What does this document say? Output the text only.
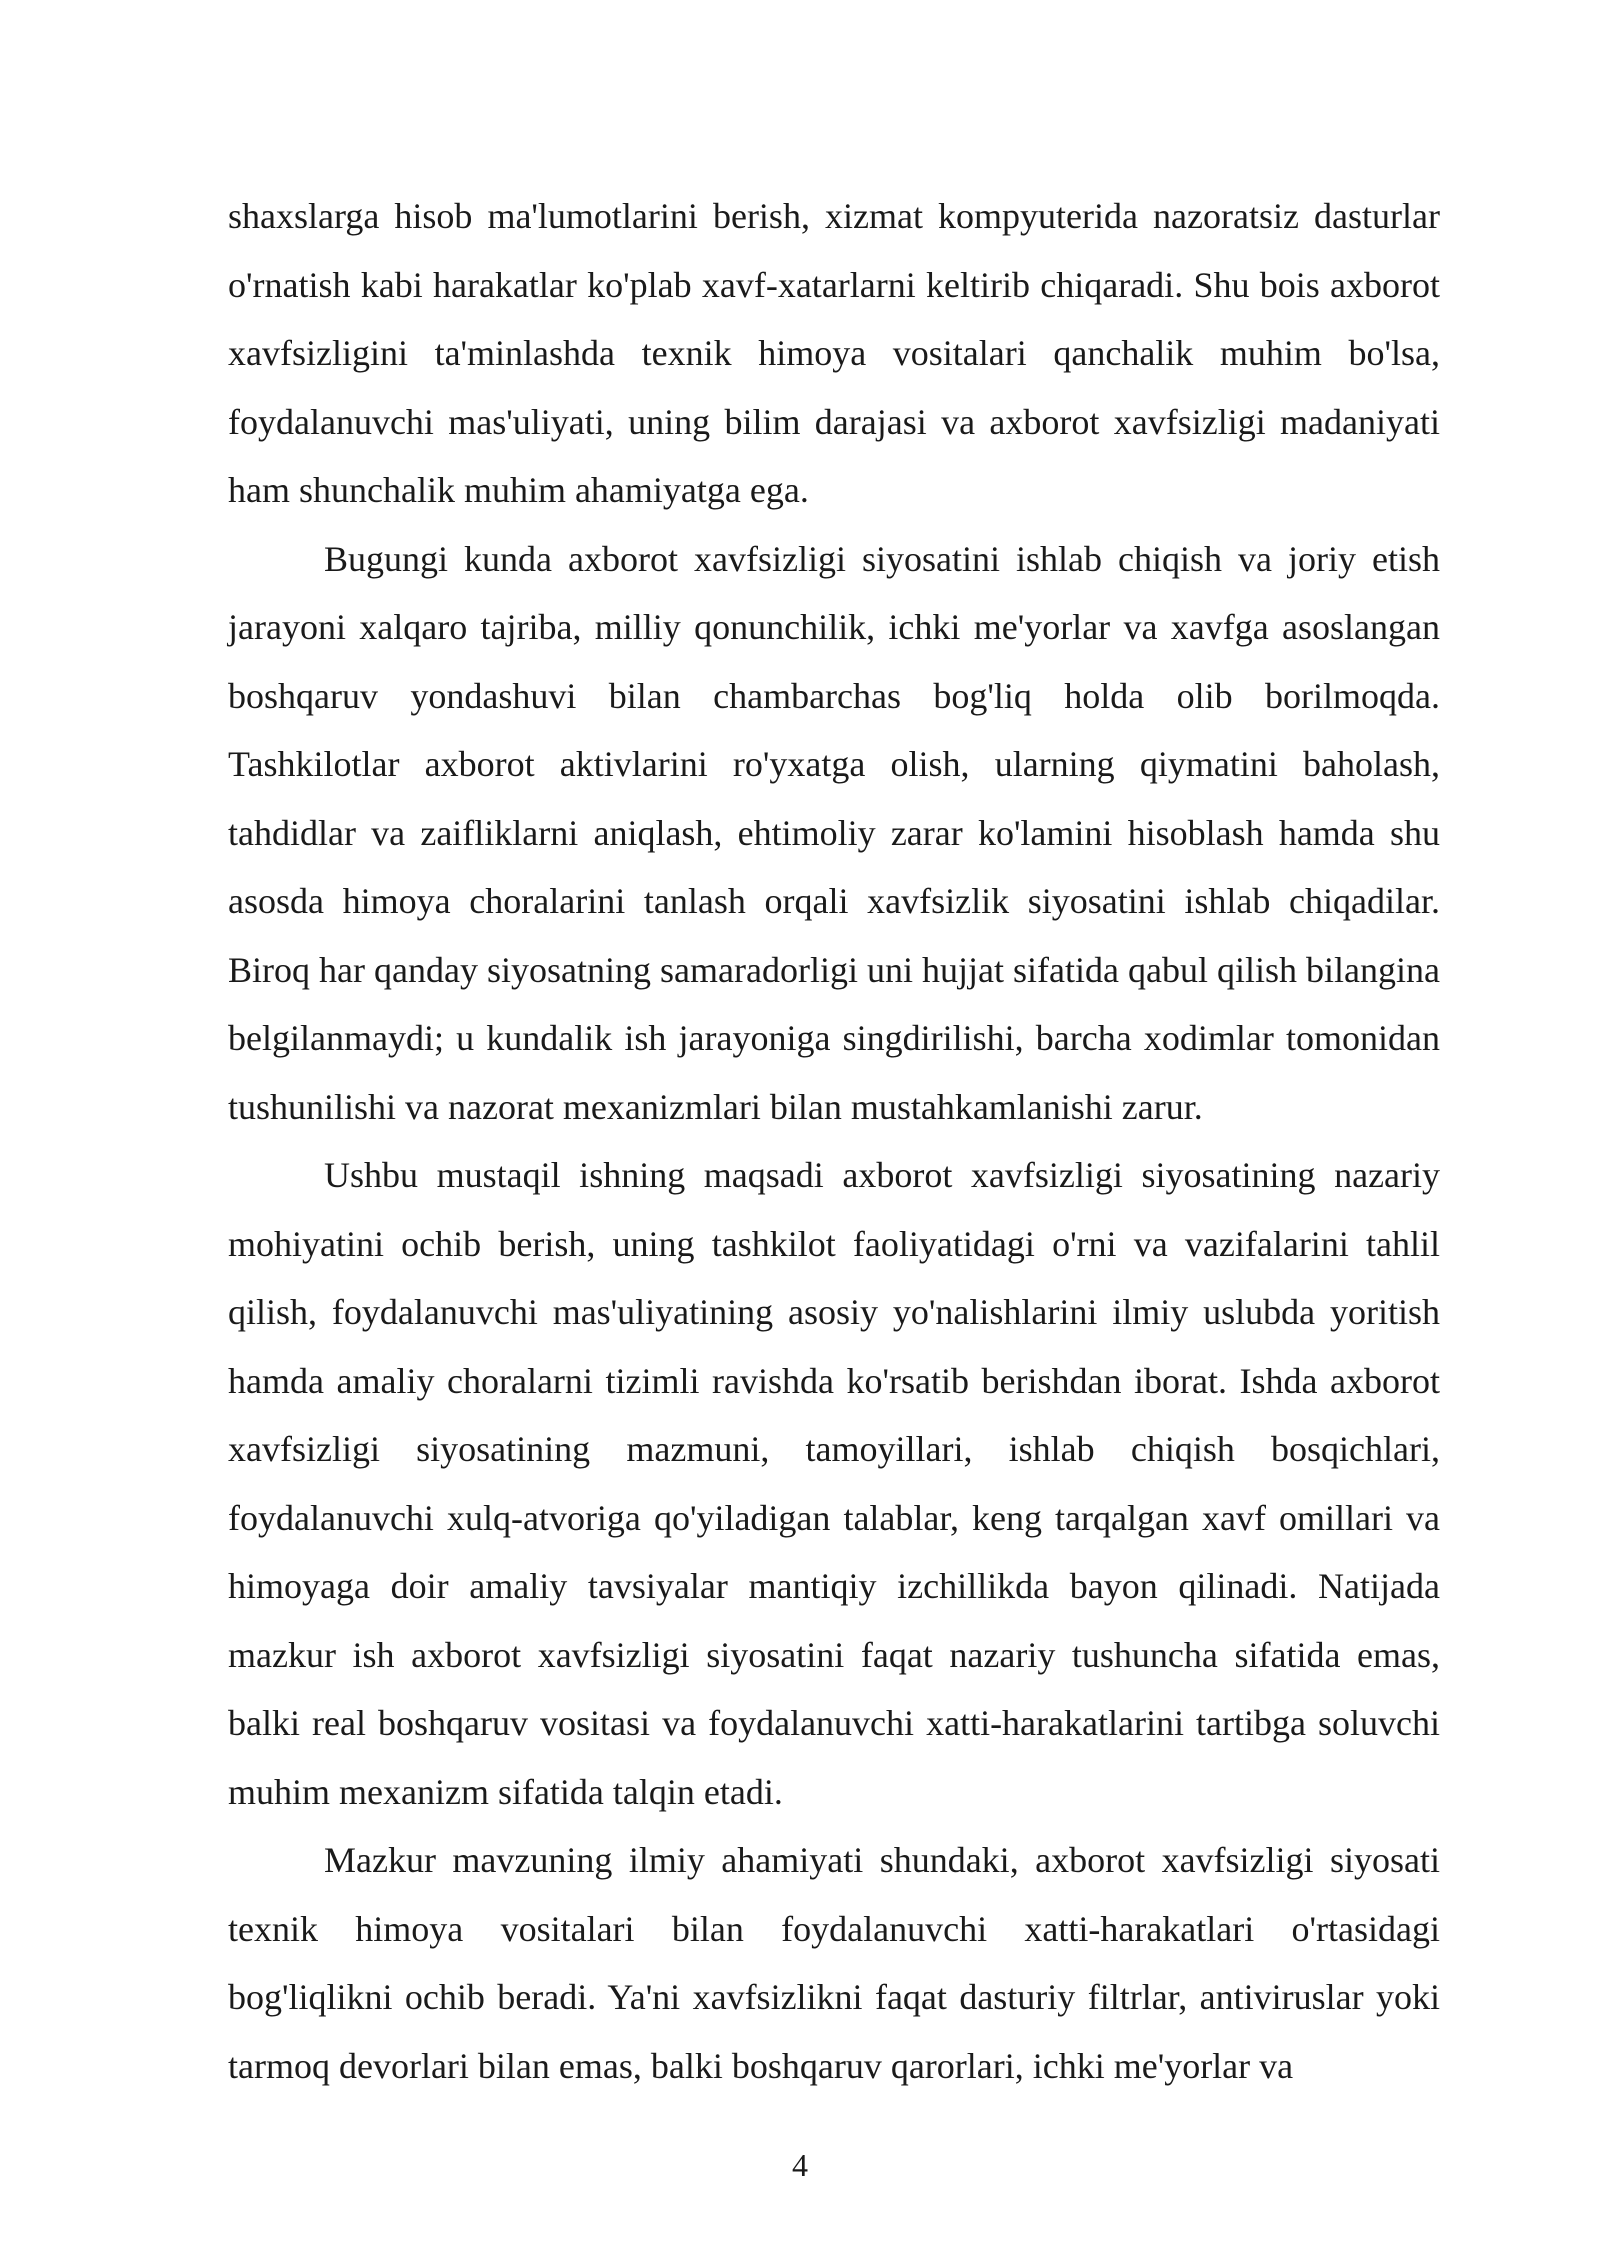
shaxslarga hisob ma'lumotlarini berish, xizmat kompyuterida nazoratsiz dasturlar o'rnatish kabi harakatlar ko'plab xavf-xatarlarni keltirib chiqaradi. Shu bois axborot xavfsizligini ta'minlashda texnik himoya vositalari qanchalik muhim bo'lsa, foydalanuvchi mas'uliyati, uning bilim darajasi va axborot xavfsizligi madaniyati ham shunchalik muhim ahamiyatga ega.

Bugungi kunda axborot xavfsizligi siyosatini ishlab chiqish va joriy etish jarayoni xalqaro tajriba, milliy qonunchilik, ichki me'yorlar va xavfga asoslangan boshqaruv yondashuvi bilan chambarchas bog'liq holda olib borilmoqda. Tashkilotlar axborot aktivlarini ro'yxatga olish, ularning qiymatini baholash, tahdidlar va zaifliklarni aniqlash, ehtimoliy zarar ko'lamini hisoblash hamda shu asosda himoya choralarini tanlash orqali xavfsizlik siyosatini ishlab chiqadilar. Biroq har qanday siyosatning samaradorligi uni hujjat sifatida qabul qilish bilangina belgilanmaydi; u kundalik ish jarayoniga singdirilishi, barcha xodimlar tomonidan tushunilishi va nazorat mexanizmlari bilan mustahkamlanishi zarur.

Ushbu mustaqil ishning maqsadi axborot xavfsizligi siyosatining nazariy mohiyatini ochib berish, uning tashkilot faoliyatidagi o'rni va vazifalarini tahlil qilish, foydalanuvchi mas'uliyatining asosiy yo'nalishlarini ilmiy uslubda yoritish hamda amaliy choralarni tizimli ravishda ko'rsatib berishdan iborat. Ishda axborot xavfsizligi siyosatining mazmuni, tamoyillari, ishlab chiqish bosqichlari, foydalanuvchi xulq-atvoriga qo'yiladigan talablar, keng tarqalgan xavf omillari va himoyaga doir amaliy tavsiyalar mantiqiy izchillikda bayon qilinadi. Natijada mazkur ish axborot xavfsizligi siyosatini faqat nazariy tushuncha sifatida emas, balki real boshqaruv vositasi va foydalanuvchi xatti-harakatlarini tartibga soluvchi muhim mexanizm sifatida talqin etadi.

Mazkur mavzuning ilmiy ahamiyati shundaki, axborot xavfsizligi siyosati texnik himoya vositalari bilan foydalanuvchi xatti-harakatlari o'rtasidagi bog'liqlikni ochib beradi. Ya'ni xavfsizlikni faqat dasturiy filtrlar, antiviruslar yoki tarmoq devorlari bilan emas, balki boshqaruv qarorlari, ichki me'yorlar va

4
